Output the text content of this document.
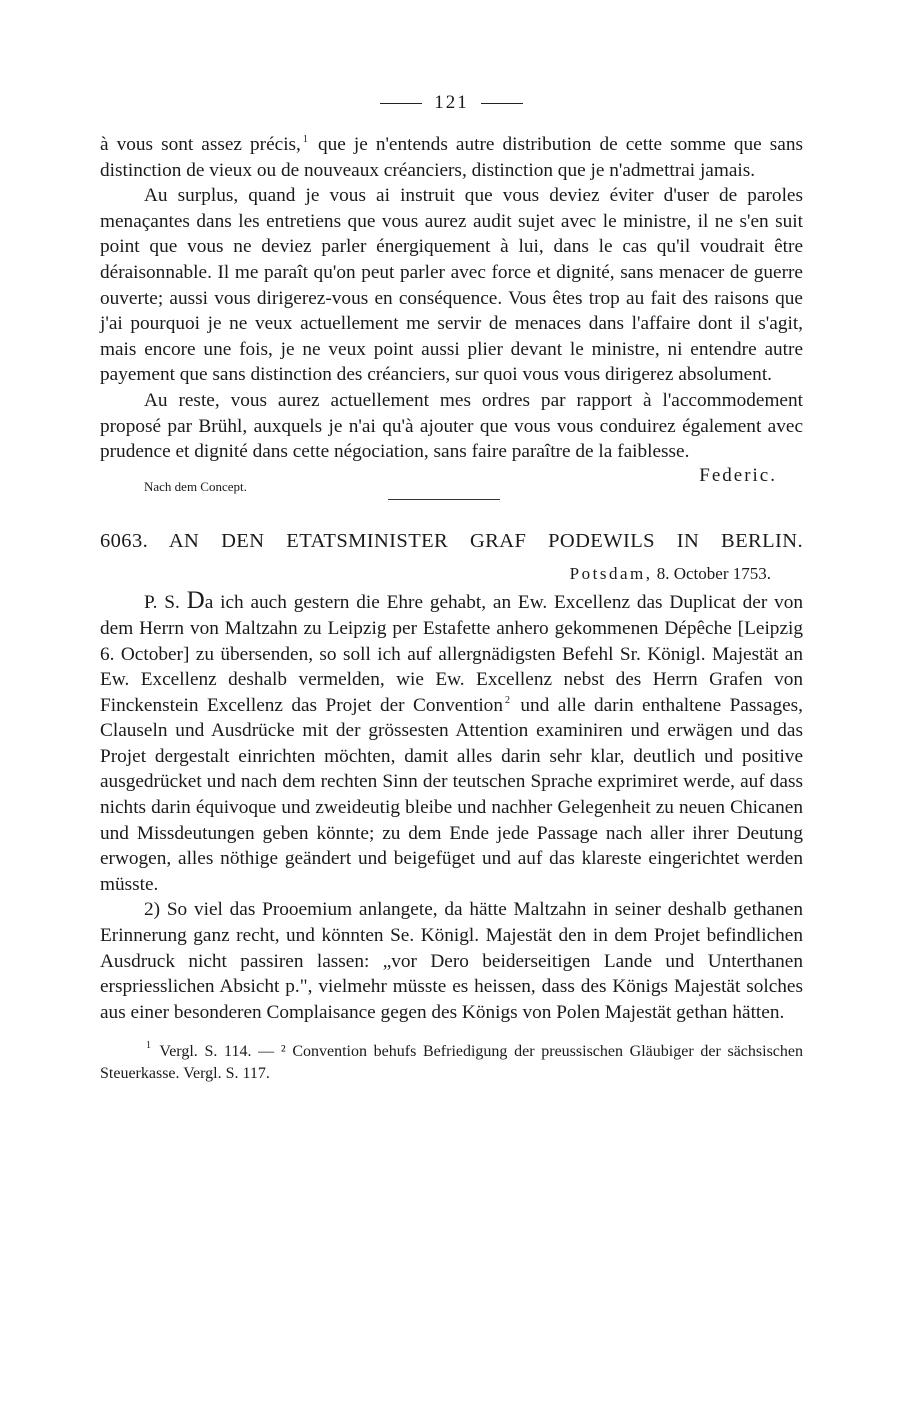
121

à vous sont assez précis, $^1$ que je n'entends autre distribution de cette somme que sans distinction de vieux ou de nouveaux créanciers, distinction que je n'admettrai jamais.

Au surplus, quand je vous ai instruit que vous deviez éviter d'user de paroles menaçantes dans les entretiens que vous aurez audit sujet avec le ministre, il ne s'en suit point que vous ne deviez parler énergiquement à lui, dans le cas qu'il voudrait être déraisonnable. Il me paraît qu'on peut parler avec force et dignité, sans menacer de guerre ouverte; aussi vous dirigerez-vous en conséquence. Vous êtes trop au fait des raisons que j'ai pourquoi je ne veux actuellement me servir de menaces dans l'affaire dont il s'agit, mais encore une fois, je ne veux point aussi plier devant le ministre, ni entendre autre payement que sans distinction des créanciers, sur quoi vous vous dirigerez absolument.

Au reste, vous aurez actuellement mes ordres par rapport à l'accommodement proposé par Brühl, auxquels je n'ai qu'à ajouter que vous vous conduirez également avec prudence et dignité dans cette négociation, sans faire paraître de la faiblesse.

Nach dem Concept.
Federic.

6063. AN DEN ETATSMINISTER GRAF PODEWILS IN BERLIN.

Potsdam, 8. October 1753.

P. S. Da ich auch gestern die Ehre gehabt, an Ew. Excellenz das Duplicat der von dem Herrn von Maltzahn zu Leipzig per Estafette anhero gekommenen Dépêche [Leipzig 6. October] zu übersenden, so soll ich auf allergnädigsten Befehl Sr. Königl. Majestät an Ew. Excellenz deshalb vermelden, wie Ew. Excellenz nebst des Herrn Grafen von Finckenstein Excellenz das Projet der Convention $^2$ und alle darin enthaltene Passages, Clauseln und Ausdrücke mit der grössesten Attention examiniren und erwägen und das Projet dergestalt einrichten möchten, damit alles darin sehr klar, deutlich und positive ausgedrücket und nach dem rechten Sinn der teutschen Sprache exprimiret werde, auf dass nichts darin équivoque und zweideutig bleibe und nachher Gelegenheit zu neuen Chicanen und Missdeutungen geben könnte; zu dem Ende jede Passage nach aller ihrer Deutung erwogen, alles nöthige geändert und beigefüget und auf das klareste eingerichtet werden müsste.

2) So viel das Prooemium anlangete, da hätte Maltzahn in seiner deshalb gethanen Erinnerung ganz recht, und könnten Se. Königl. Majestät den in dem Projet befindlichen Ausdruck nicht passiren lassen: „vor Dero beiderseitigen Lande und Unterthanen erspriesslichen Absicht p.", vielmehr müsste es heissen, dass des Königs Majestät solches aus einer besonderen Complaisance gegen des Königs von Polen Majestät gethan hätten.

$^1$ Vergl. S. 114. — ² Convention behufs Befriedigung der preussischen Gläubiger der sächsischen Steuerkasse. Vergl. S. 117.
